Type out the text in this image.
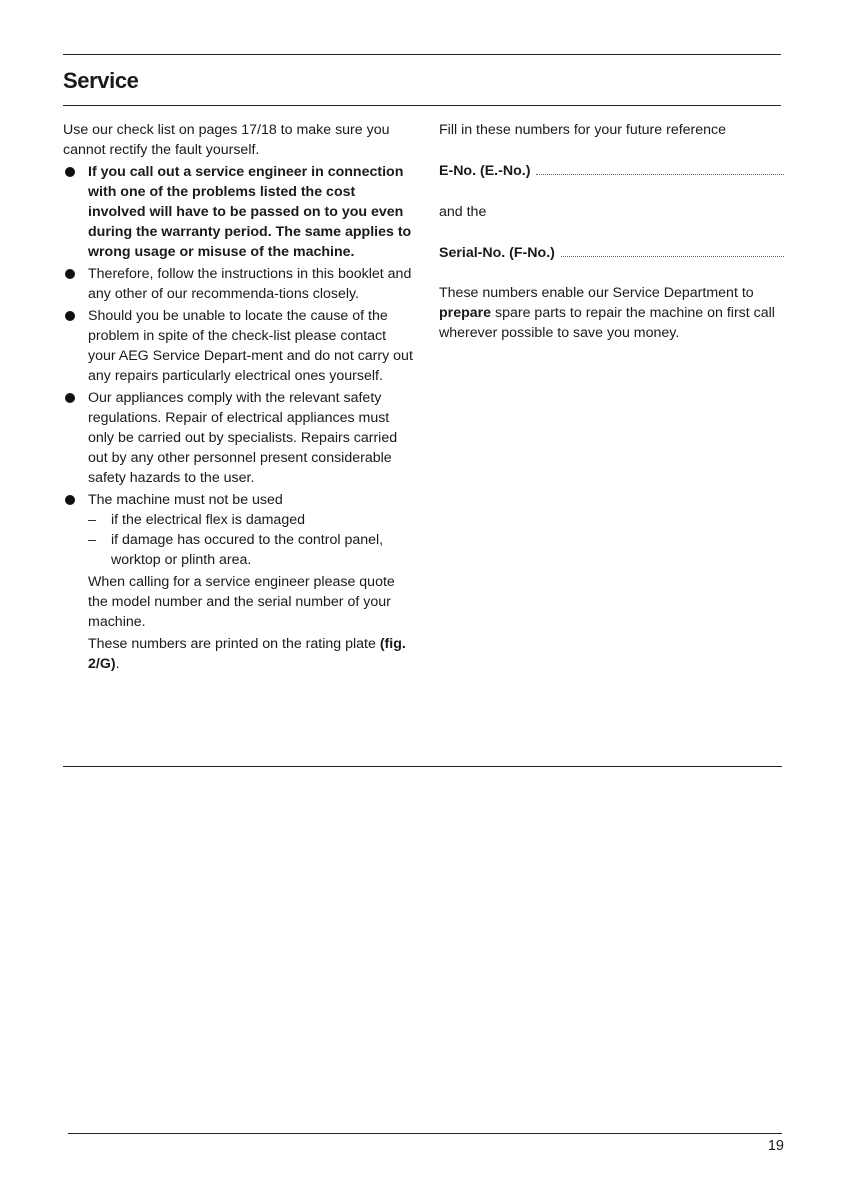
Service

Use our check list on pages 17/18 to make sure you cannot rectify the fault yourself.

If you call out a service engineer in connection with one of the problems listed the cost involved will have to be passed on to you even during the warranty period. The same applies to wrong usage or misuse of the machine.

Therefore, follow the instructions in this booklet and any other of our recommenda-tions closely.

Should you be unable to locate the cause of the problem in spite of the check-list please contact your AEG Service Depart-ment and do not carry out any repairs particularly electrical ones yourself.

Our appliances comply with the relevant safety regulations. Repair of electrical appliances must only be carried out by specialists. Repairs carried out by any other personnel present considerable safety hazards to the user.

The machine must not be used

– if the electrical flex is damaged
– if damage has occured to the control panel, worktop or plinth area.

When calling for a service engineer please quote the model number and the serial number of your machine.

These numbers are printed on the rating plate (fig. 2/G).

Fill in these numbers for your future reference

E-No. (E.-No.)

and the

Serial-No. (F-No.)

These numbers enable our Service Department to prepare spare parts to repair the machine on first call wherever possible to save you money.

19
